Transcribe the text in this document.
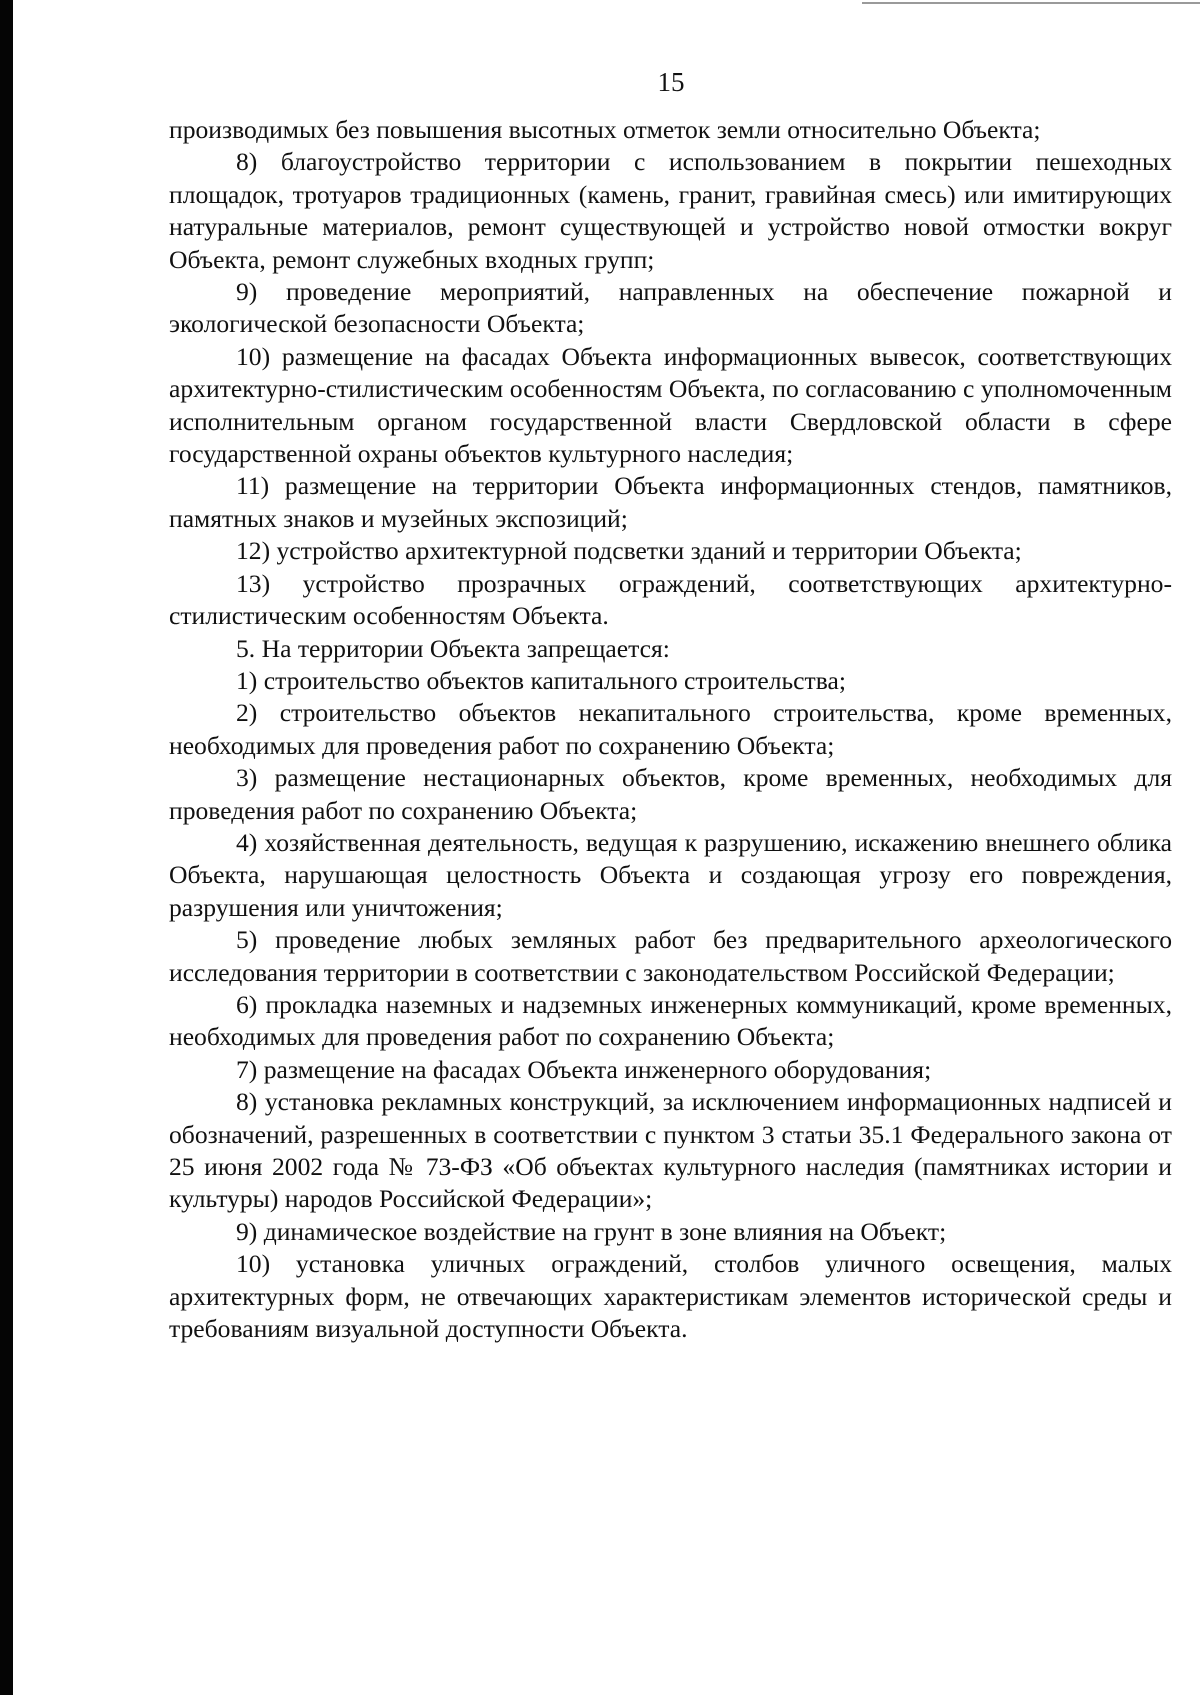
15

производимых без повышения высотных отметок земли относительно Объекта;

8) благоустройство территории с использованием в покрытии пешеходных площадок, тротуаров традиционных (камень, гранит, гравийная смесь) или имитирующих натуральные материалов, ремонт существующей и устройство новой отмостки вокруг Объекта, ремонт служебных входных групп;

9) проведение мероприятий, направленных на обеспечение пожарной и экологической безопасности Объекта;

10) размещение на фасадах Объекта информационных вывесок, соответствующих архитектурно-стилистическим особенностям Объекта, по согласованию с уполномоченным исполнительным органом государственной власти Свердловской области в сфере государственной охраны объектов культурного наследия;

11) размещение на территории Объекта информационных стендов, памятников, памятных знаков и музейных экспозиций;

12) устройство архитектурной подсветки зданий и территории Объекта;

13) устройство прозрачных ограждений, соответствующих архитектурно-стилистическим особенностям Объекта.

5. На территории Объекта запрещается:

1) строительство объектов капитального строительства;

2) строительство объектов некапитального строительства, кроме временных, необходимых для проведения работ по сохранению Объекта;

3) размещение нестационарных объектов, кроме временных, необходимых для проведения работ по сохранению Объекта;

4) хозяйственная деятельность, ведущая к разрушению, искажению внешнего облика Объекта, нарушающая целостность Объекта и создающая угрозу его повреждения, разрушения или уничтожения;

5) проведение любых земляных работ без предварительного археологического исследования территории в соответствии с законодательством Российской Федерации;

6) прокладка наземных и надземных инженерных коммуникаций, кроме временных, необходимых для проведения работ по сохранению Объекта;

7) размещение на фасадах Объекта инженерного оборудования;

8) установка рекламных конструкций, за исключением информационных надписей и обозначений, разрешенных в соответствии с пунктом 3 статьи 35.1 Федерального закона от 25 июня 2002 года № 73-ФЗ «Об объектах культурного наследия (памятниках истории и культуры) народов Российской Федерации»;

9) динамическое воздействие на грунт в зоне влияния на Объект;

10) установка уличных ограждений, столбов уличного освещения, малых архитектурных форм, не отвечающих характеристикам элементов исторической среды и требованиям визуальной доступности Объекта.
